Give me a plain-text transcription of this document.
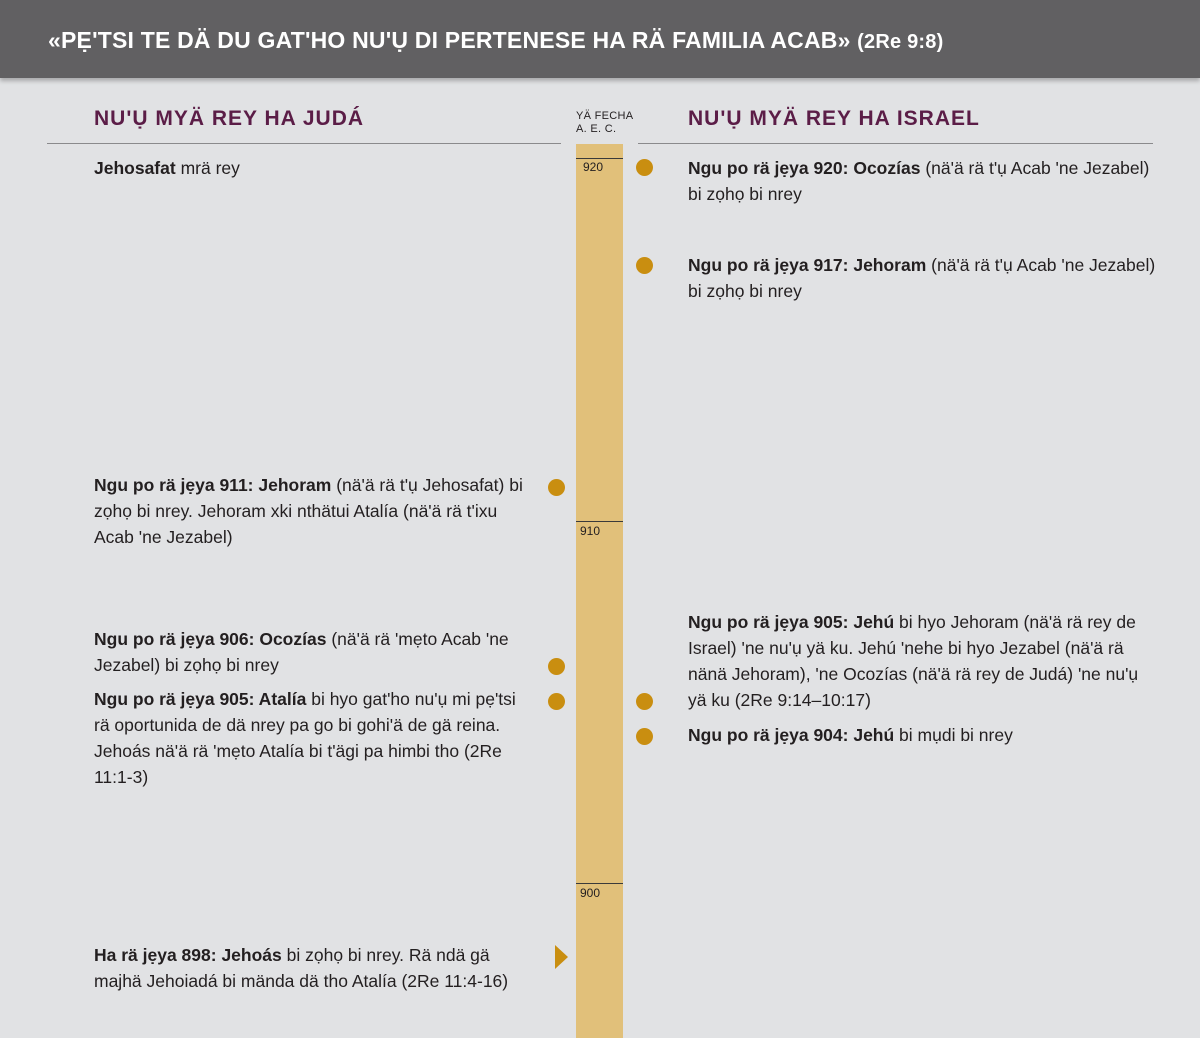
«PẸ'TSI TE DÄ DU GAT'HO NU'Ụ DI PERTENESE HA RÄ FAMILIA ACAB» (2Re 9:8)
NU'Ụ MYÄ REY HA JUDÁ	NU'Ụ MYÄ REY HA ISRAEL
YÄ FECHA
A. E. C.
920
910
900
Jehosafat mrä rey
Ngu po rä jẹya 911: Jehoram (nä'ä rä t'ụ Jehosafat) bi zọhọ bi nrey. Jehoram xki nthätui Atalía (nä'ä rä t'ixu Acab 'ne Jezabel)
Ngu po rä jẹya 906: Ocozías (nä'ä rä 'mẹto Acab 'ne Jezabel) bi zọhọ bi nrey
Ngu po rä jẹya 905: Atalía bi hyo gat'ho nu'ụ mi pẹ'tsi rä oportunida de dä nrey pa go bi gohi'ä de gä reina. Jehoás nä'ä rä 'mẹto Atalía bi t'ägi pa himbi tho (2Re 11:1-3)
Ha rä jẹya 898: Jehoás bi zọhọ bi nrey. Rä ndä gä majhä Jehoiadá bi mända dä tho Atalía (2Re 11:4-16)
Ngu po rä jẹya 920: Ocozías (nä'ä rä t'ụ Acab 'ne Jezabel) bi zọhọ bi nrey
Ngu po rä jẹya 917: Jehoram (nä'ä rä t'ụ Acab 'ne Jezabel) bi zọhọ bi nrey
Ngu po rä jẹya 905: Jehú bi hyo Jehoram (nä'ä rä rey de Israel) 'ne nu'ụ yä ku. Jehú 'nehe bi hyo Jezabel (nä'ä rä nänä Jehoram), 'ne Ocozías (nä'ä rä rey de Judá) 'ne nu'ụ yä ku (2Re 9:14–10:17)
Ngu po rä jẹya 904: Jehú bi mụdi bi nrey
